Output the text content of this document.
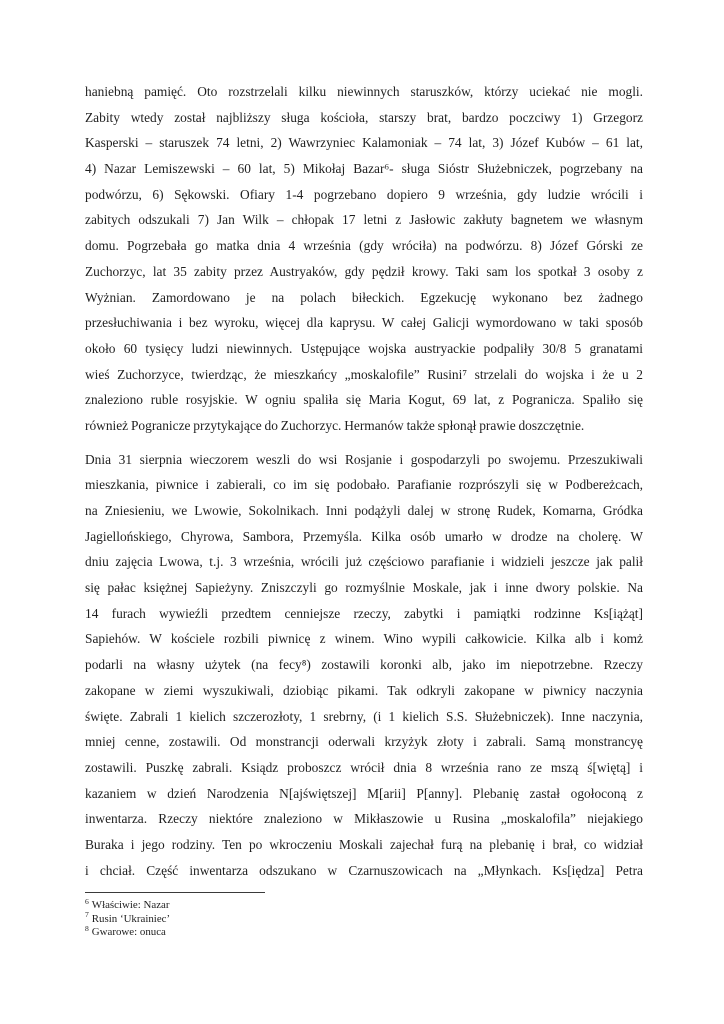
haniebną pamięć. Oto rozstrzelali kilku niewinnych staruszków, którzy uciekać nie mogli.
Zabity wtedy został najbliższy sługa kościoła, starszy brat, bardzo poczciwy 1) Grzegorz
Kasperski – staruszek 74 letni, 2) Wawrzyniec Kalamoniak – 74 lat, 3) Józef Kubów – 61 lat,
4) Nazar Lemiszewski – 60 lat, 5) Mikołaj Bazar⁶- sługa Sióstr Służebniczek, pogrzebany na
podwórzu, 6) Sękowski. Ofiary 1-4 pogrzebano dopiero 9 września, gdy ludzie wrócili i
zabitych odszukali 7) Jan Wilk – chłopak 17 letni z Jasłowic zakłuty bagnetem we własnym
domu. Pogrzebała go matka dnia 4 września (gdy wróciła) na podwórzu. 8) Józef Górski ze
Zuchorzyc, lat 35 zabity przez Austryaków, gdy pędził krowy. Taki sam los spotkał 3 osoby z
Wyżnian. Zamordowano je na polach biłeckich. Egzekucję wykonano bez żadnego
przesłuchiwania i bez wyroku, więcej dla kaprysu. W całej Galicji wymordowano w taki sposób
około 60 tysięcy ludzi niewinnych. Ustępujące wojska austryackie podpaliły 30/8 5 granatami
wieś Zuchorzyce, twierdząc, że mieszkańcy „moskalofile” Rusini⁷ strzelali do wojska i że u 2
znaleziono ruble rosyjskie. W ogniu spaliła się Maria Kogut, 69 lat, z Pogranicza. Spaliło się
również Pogranicze przytykające do Zuchorzyc. Hermanów także spłonął prawie doszczętnie.
Dnia 31 sierpnia wieczorem weszli do wsi Rosjanie i gospodarzyli po swojemu. Przeszukiwali
mieszkania, piwnice i zabierali, co im się podobało. Parafianie rozprószyli się w Podbereżcach,
na Zniesieniu, we Lwowie, Sokolnikach. Inni podążyli dalej w stronę Rudek, Komarna, Gródka
Jagiellońskiego, Chyrowa, Sambora, Przemyśla. Kilka osób umarło w drodze na cholerę. W
dniu zajęcia Lwowa, t.j. 3 września, wrócili już częściowo parafianie i widzieli jeszcze jak palił
się pałac księżnej Sapieżyny. Zniszczyli go rozmyślnie Moskale, jak i inne dwory polskie. Na
14 furach wywieźli przedtem cenniejsze rzeczy, zabytki i pamiątki rodzinne Ks[iążąt]
Sapiehów. W kościele rozbili piwnicę z winem. Wino wypili całkowicie. Kilka alb i komż
podarli na własny użytek (na fecy⁸) zostawili koronki alb, jako im niepotrzebne. Rzeczy
zakopane w ziemi wyszukiwali, dziobiąc pikami. Tak odkryli zakopane w piwnicy naczynia
święte. Zabrali 1 kielich szczerozłoty, 1 srebrny, (i 1 kielich S.S. Służebniczek). Inne naczynia,
mniej cenne, zostawili. Od monstrancji oderwali krzyżyk złoty i zabrali. Samą monstrancyę
zostawili. Puszkę zabrali. Ksiądz proboszcz wrócił dnia 8 września rano ze mszą ś[więtą] i
kazaniem w dzień Narodzenia N[ajświętszej] M[arii] P[anny]. Plebanię zastał ogołoconą z
inwentarza. Rzeczy niektóre znaleziono w Mikłaszowie u Rusina „moskalofila” niejakiego
Buraka i jego rodziny. Ten po wkroczeniu Moskali zajechał furą na plebanię i brał, co widział
i chciał. Część inwentarza odszukano w Czarnuszowicach na „Młynkach. Ks[iędza] Petra
$^6$ Właściwie: Nazar
$^7$ Rusin ‘Ukrainiec’
$^8$ Gwarowe: onuca
